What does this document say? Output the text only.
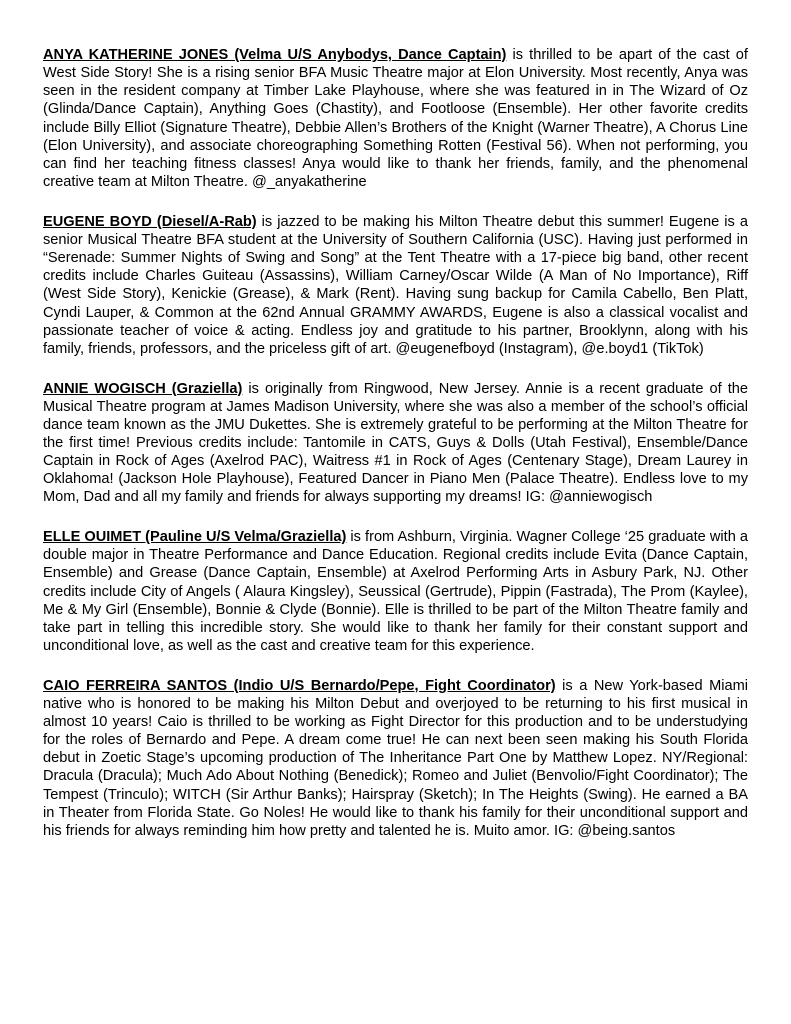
ANYA KATHERINE JONES (Velma U/S Anybodys, Dance Captain) is thrilled to be apart of the cast of West Side Story! She is a rising senior BFA Music Theatre major at Elon University. Most recently, Anya was seen in the resident company at Timber Lake Playhouse, where she was featured in in The Wizard of Oz (Glinda/Dance Captain), Anything Goes (Chastity), and Footloose (Ensemble). Her other favorite credits include Billy Elliot (Signature Theatre), Debbie Allen’s Brothers of the Knight (Warner Theatre), A Chorus Line (Elon University), and associate choreographing Something Rotten (Festival 56). When not performing, you can find her teaching fitness classes! Anya would like to thank her friends, family, and the phenomenal creative team at Milton Theatre. @_anyakatherine

EUGENE BOYD (Diesel/A-Rab) is jazzed to be making his Milton Theatre debut this summer! Eugene is a senior Musical Theatre BFA student at the University of Southern California (USC). Having just performed in “Serenade: Summer Nights of Swing and Song” at the Tent Theatre with a 17-piece big band, other recent credits include Charles Guiteau (Assassins), William Carney/Oscar Wilde (A Man of No Importance), Riff (West Side Story), Kenickie (Grease), & Mark (Rent). Having sung backup for Camila Cabello, Ben Platt, Cyndi Lauper, & Common at the 62nd Annual GRAMMY AWARDS, Eugene is also a classical vocalist and passionate teacher of voice & acting. Endless joy and gratitude to his partner, Brooklynn, along with his family, friends, professors, and the priceless gift of art. @eugenefboyd (Instagram), @e.boyd1 (TikTok)

ANNIE WOGISCH (Graziella) is originally from Ringwood, New Jersey. Annie is a recent graduate of the Musical Theatre program at James Madison University, where she was also a member of the school’s official dance team known as the JMU Dukettes. She is extremely grateful to be performing at the Milton Theatre for the first time! Previous credits include: Tantomile in CATS, Guys & Dolls (Utah Festival), Ensemble/Dance Captain in Rock of Ages (Axelrod PAC), Waitress #1 in Rock of Ages (Centenary Stage), Dream Laurey in Oklahoma! (Jackson Hole Playhouse), Featured Dancer in Piano Men (Palace Theatre). Endless love to my Mom, Dad and all my family and friends for always supporting my dreams! IG: @anniewogisch

ELLE OUIMET (Pauline U/S Velma/Graziella) is from Ashburn, Virginia. Wagner College ‘25 graduate with a double major in Theatre Performance and Dance Education. Regional credits include Evita (Dance Captain, Ensemble) and Grease (Dance Captain, Ensemble) at Axelrod Performing Arts in Asbury Park, NJ. Other credits include City of Angels ( Alaura Kingsley), Seussical (Gertrude), Pippin (Fastrada), The Prom (Kaylee), Me & My Girl (Ensemble), Bonnie & Clyde (Bonnie). Elle is thrilled to be part of the Milton Theatre family and take part in telling this incredible story. She would like to thank her family for their constant support and unconditional love, as well as the cast and creative team for this experience.

CAIO FERREIRA SANTOS (Indio U/S Bernardo/Pepe, Fight Coordinator) is a New York-based Miami native who is honored to be making his Milton Debut and overjoyed to be returning to his first musical in almost 10 years! Caio is thrilled to be working as Fight Director for this production and to be understudying for the roles of Bernardo and Pepe. A dream come true! He can next been seen making his South Florida debut in Zoetic Stage’s upcoming production of The Inheritance Part One by Matthew Lopez. NY/Regional: Dracula (Dracula); Much Ado About Nothing (Benedick); Romeo and Juliet (Benvolio/Fight Coordinator); The Tempest (Trinculo); WITCH (Sir Arthur Banks); Hairspray (Sketch); In The Heights (Swing). He earned a BA in Theater from Florida State. Go Noles! He would like to thank his family for their unconditional support and his friends for always reminding him how pretty and talented he is. Muito amor. IG: @being.santos
